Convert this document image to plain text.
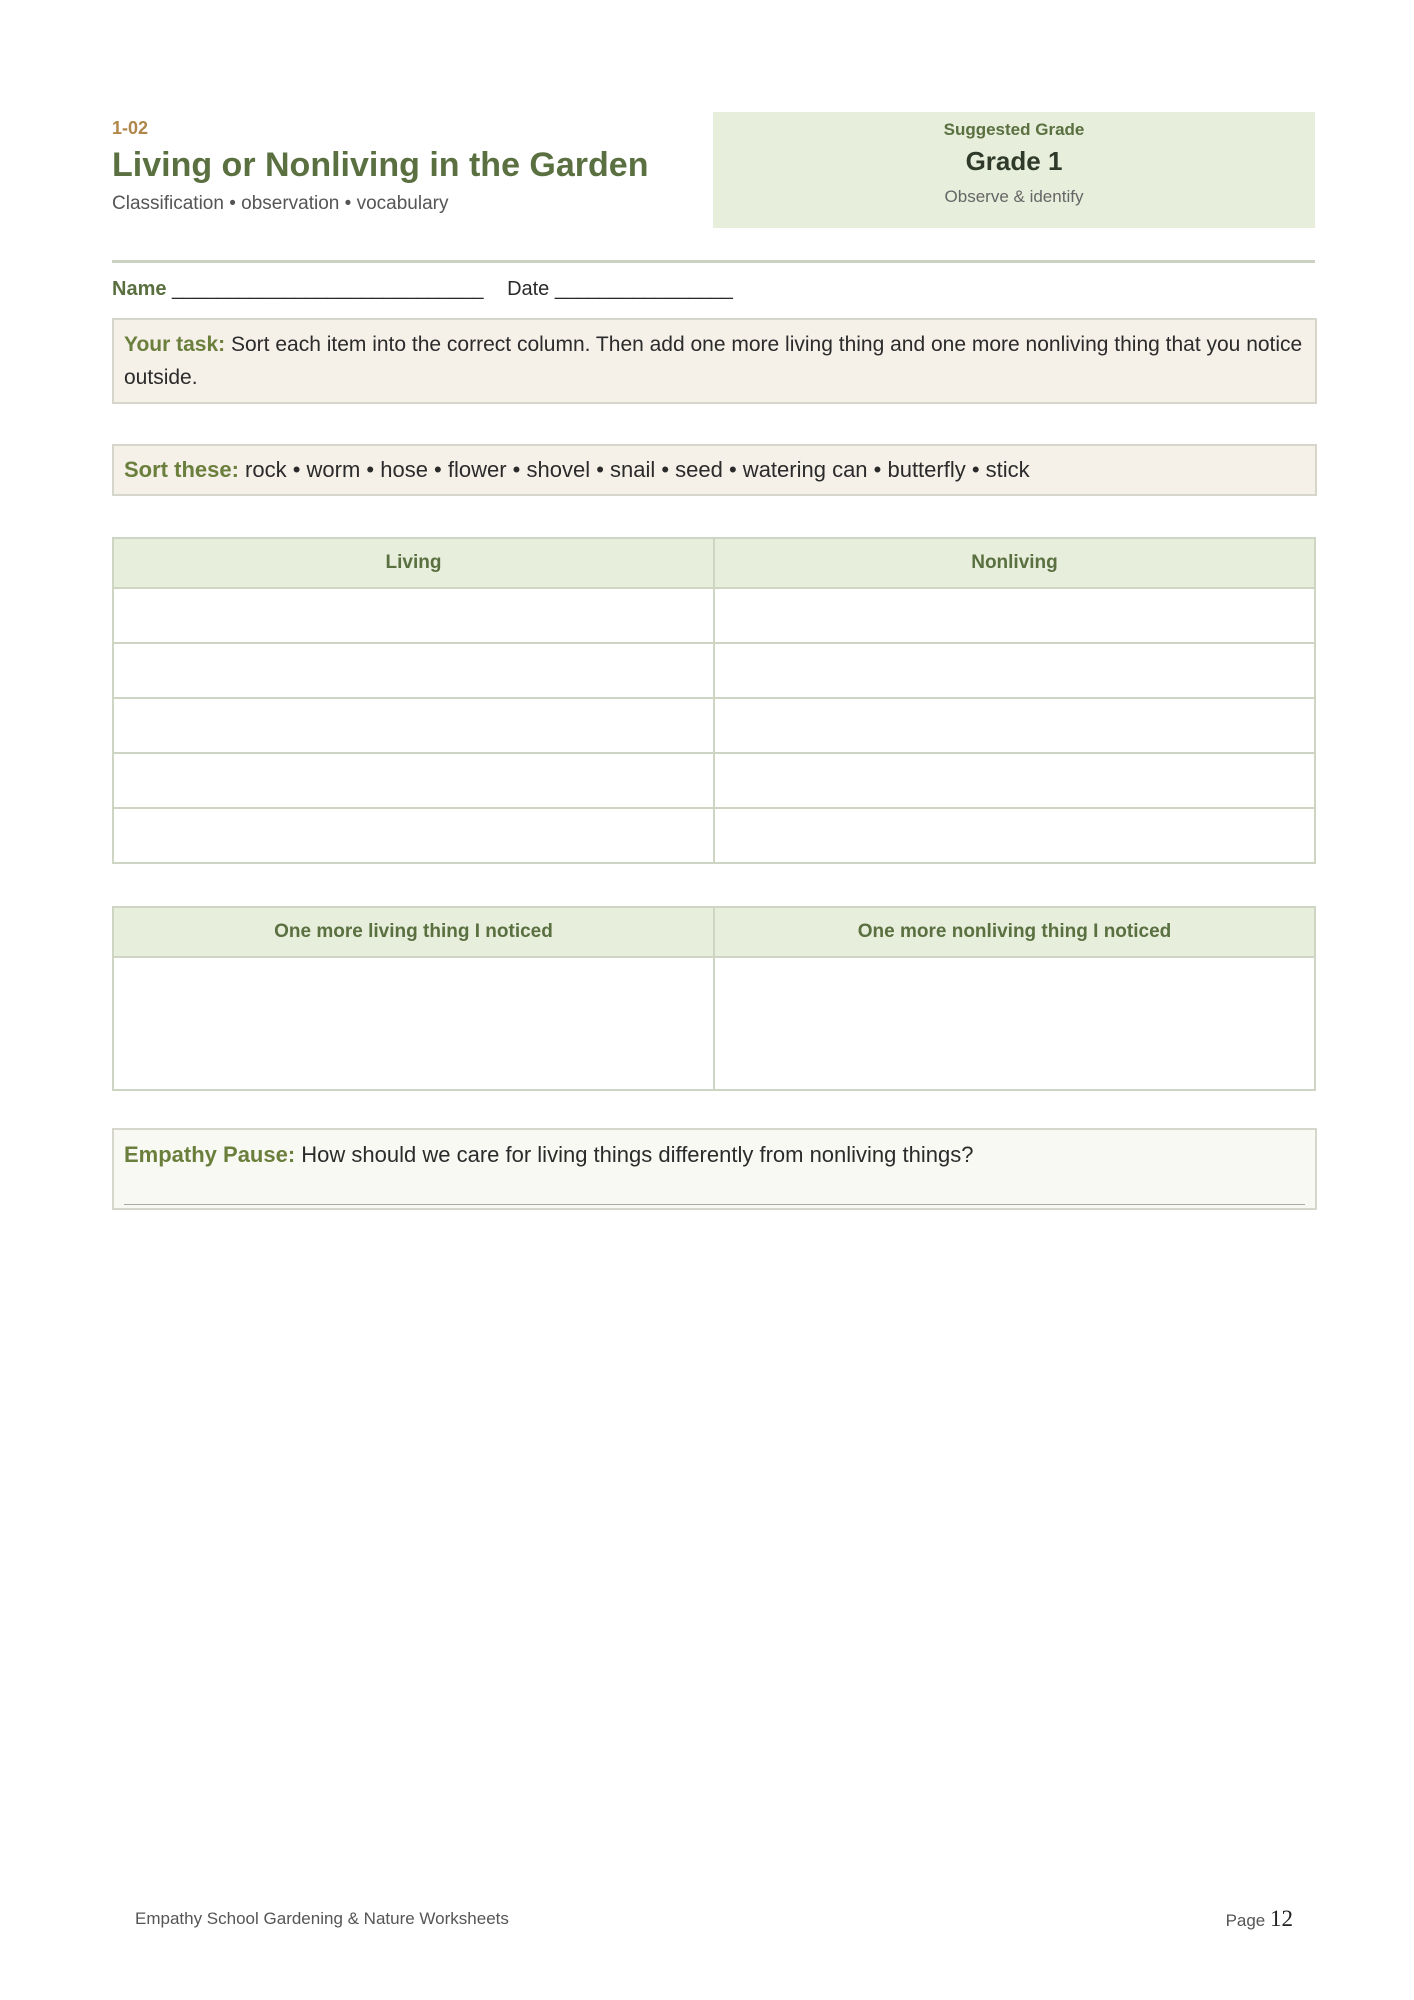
1-02
Living or Nonliving in the Garden
Classification • observation • vocabulary
Suggested Grade
Grade 1
Observe & identify
Name ____________________________ Date ________________
Your task: Sort each item into the correct column. Then add one more living thing and one more nonliving thing that you notice outside.
Sort these: rock • worm • hose • flower • shovel • snail • seed • watering can • butterfly • stick
Living	Nonliving

One more living thing I noticed	One more nonliving thing I noticed

Empathy Pause: How should we care for living things differently from nonliving things?
Empathy School Gardening & Nature Worksheets	Page 12
